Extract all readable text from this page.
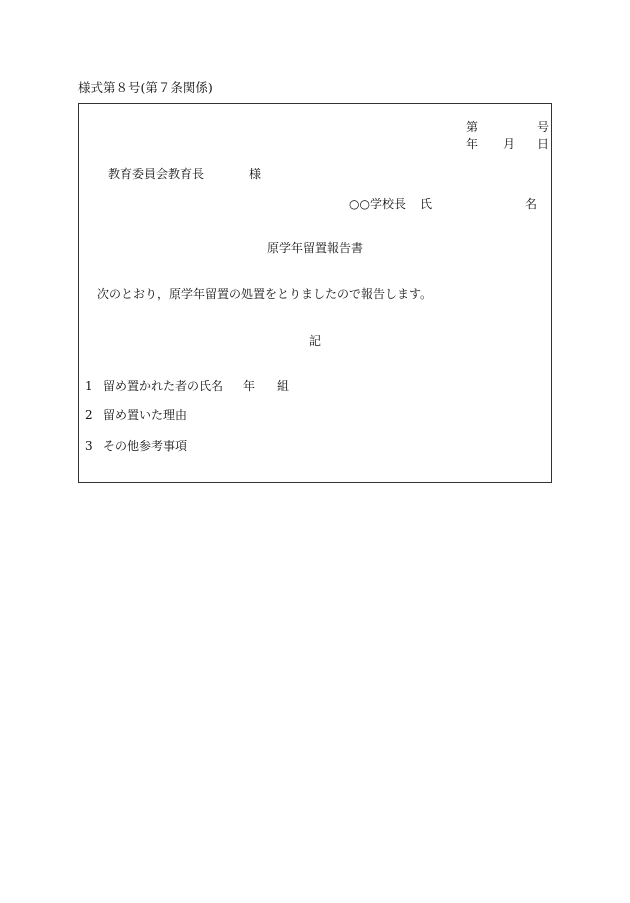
様式第８号(第７条関係)
第	号
年 月 日
教育委員会教育長	様
○○学校長 氏	名
原学年留置報告書
次のとおり，原学年留置の処置をとりましたので報告します。
記
1 留め置かれた者の氏名 年 組
2 留め置いた理由
3 その他参考事項
